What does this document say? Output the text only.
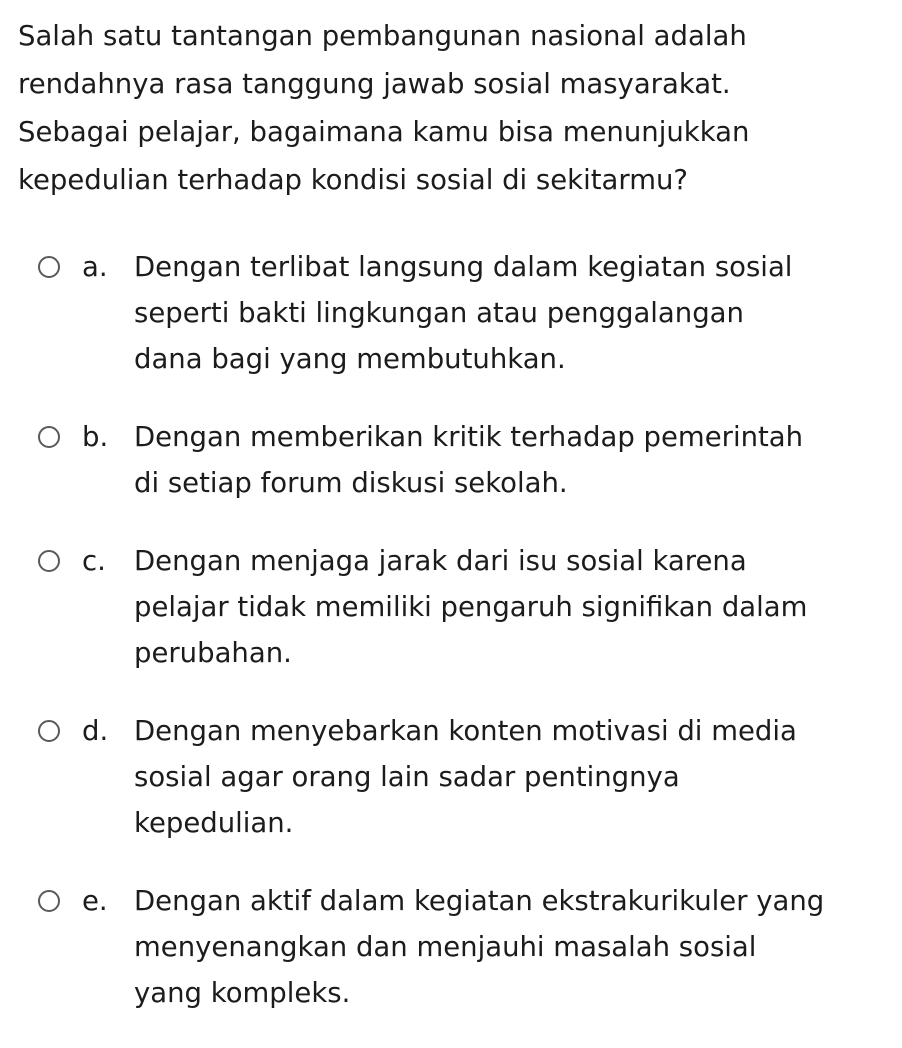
Salah satu tantangan pembangunan nasional adalah
rendahnya rasa tanggung jawab sosial masyarakat.
Sebagai pelajar, bagaimana kamu bisa menunjukkan
kepedulian terhadap kondisi sosial di sekitarmu?
a. Dengan terlibat langsung dalam kegiatan sosial
seperti bakti lingkungan atau penggalangan
dana bagi yang membutuhkan.
b. Dengan memberikan kritik terhadap pemerintah
di setiap forum diskusi sekolah.
c. Dengan menjaga jarak dari isu sosial karena
pelajar tidak memiliki pengaruh signifikan dalam
perubahan.
d. Dengan menyebarkan konten motivasi di media
sosial agar orang lain sadar pentingnya
kepedulian.
e. Dengan aktif dalam kegiatan ekstrakurikuler yang
menyenangkan dan menjauhi masalah sosial
yang kompleks.
